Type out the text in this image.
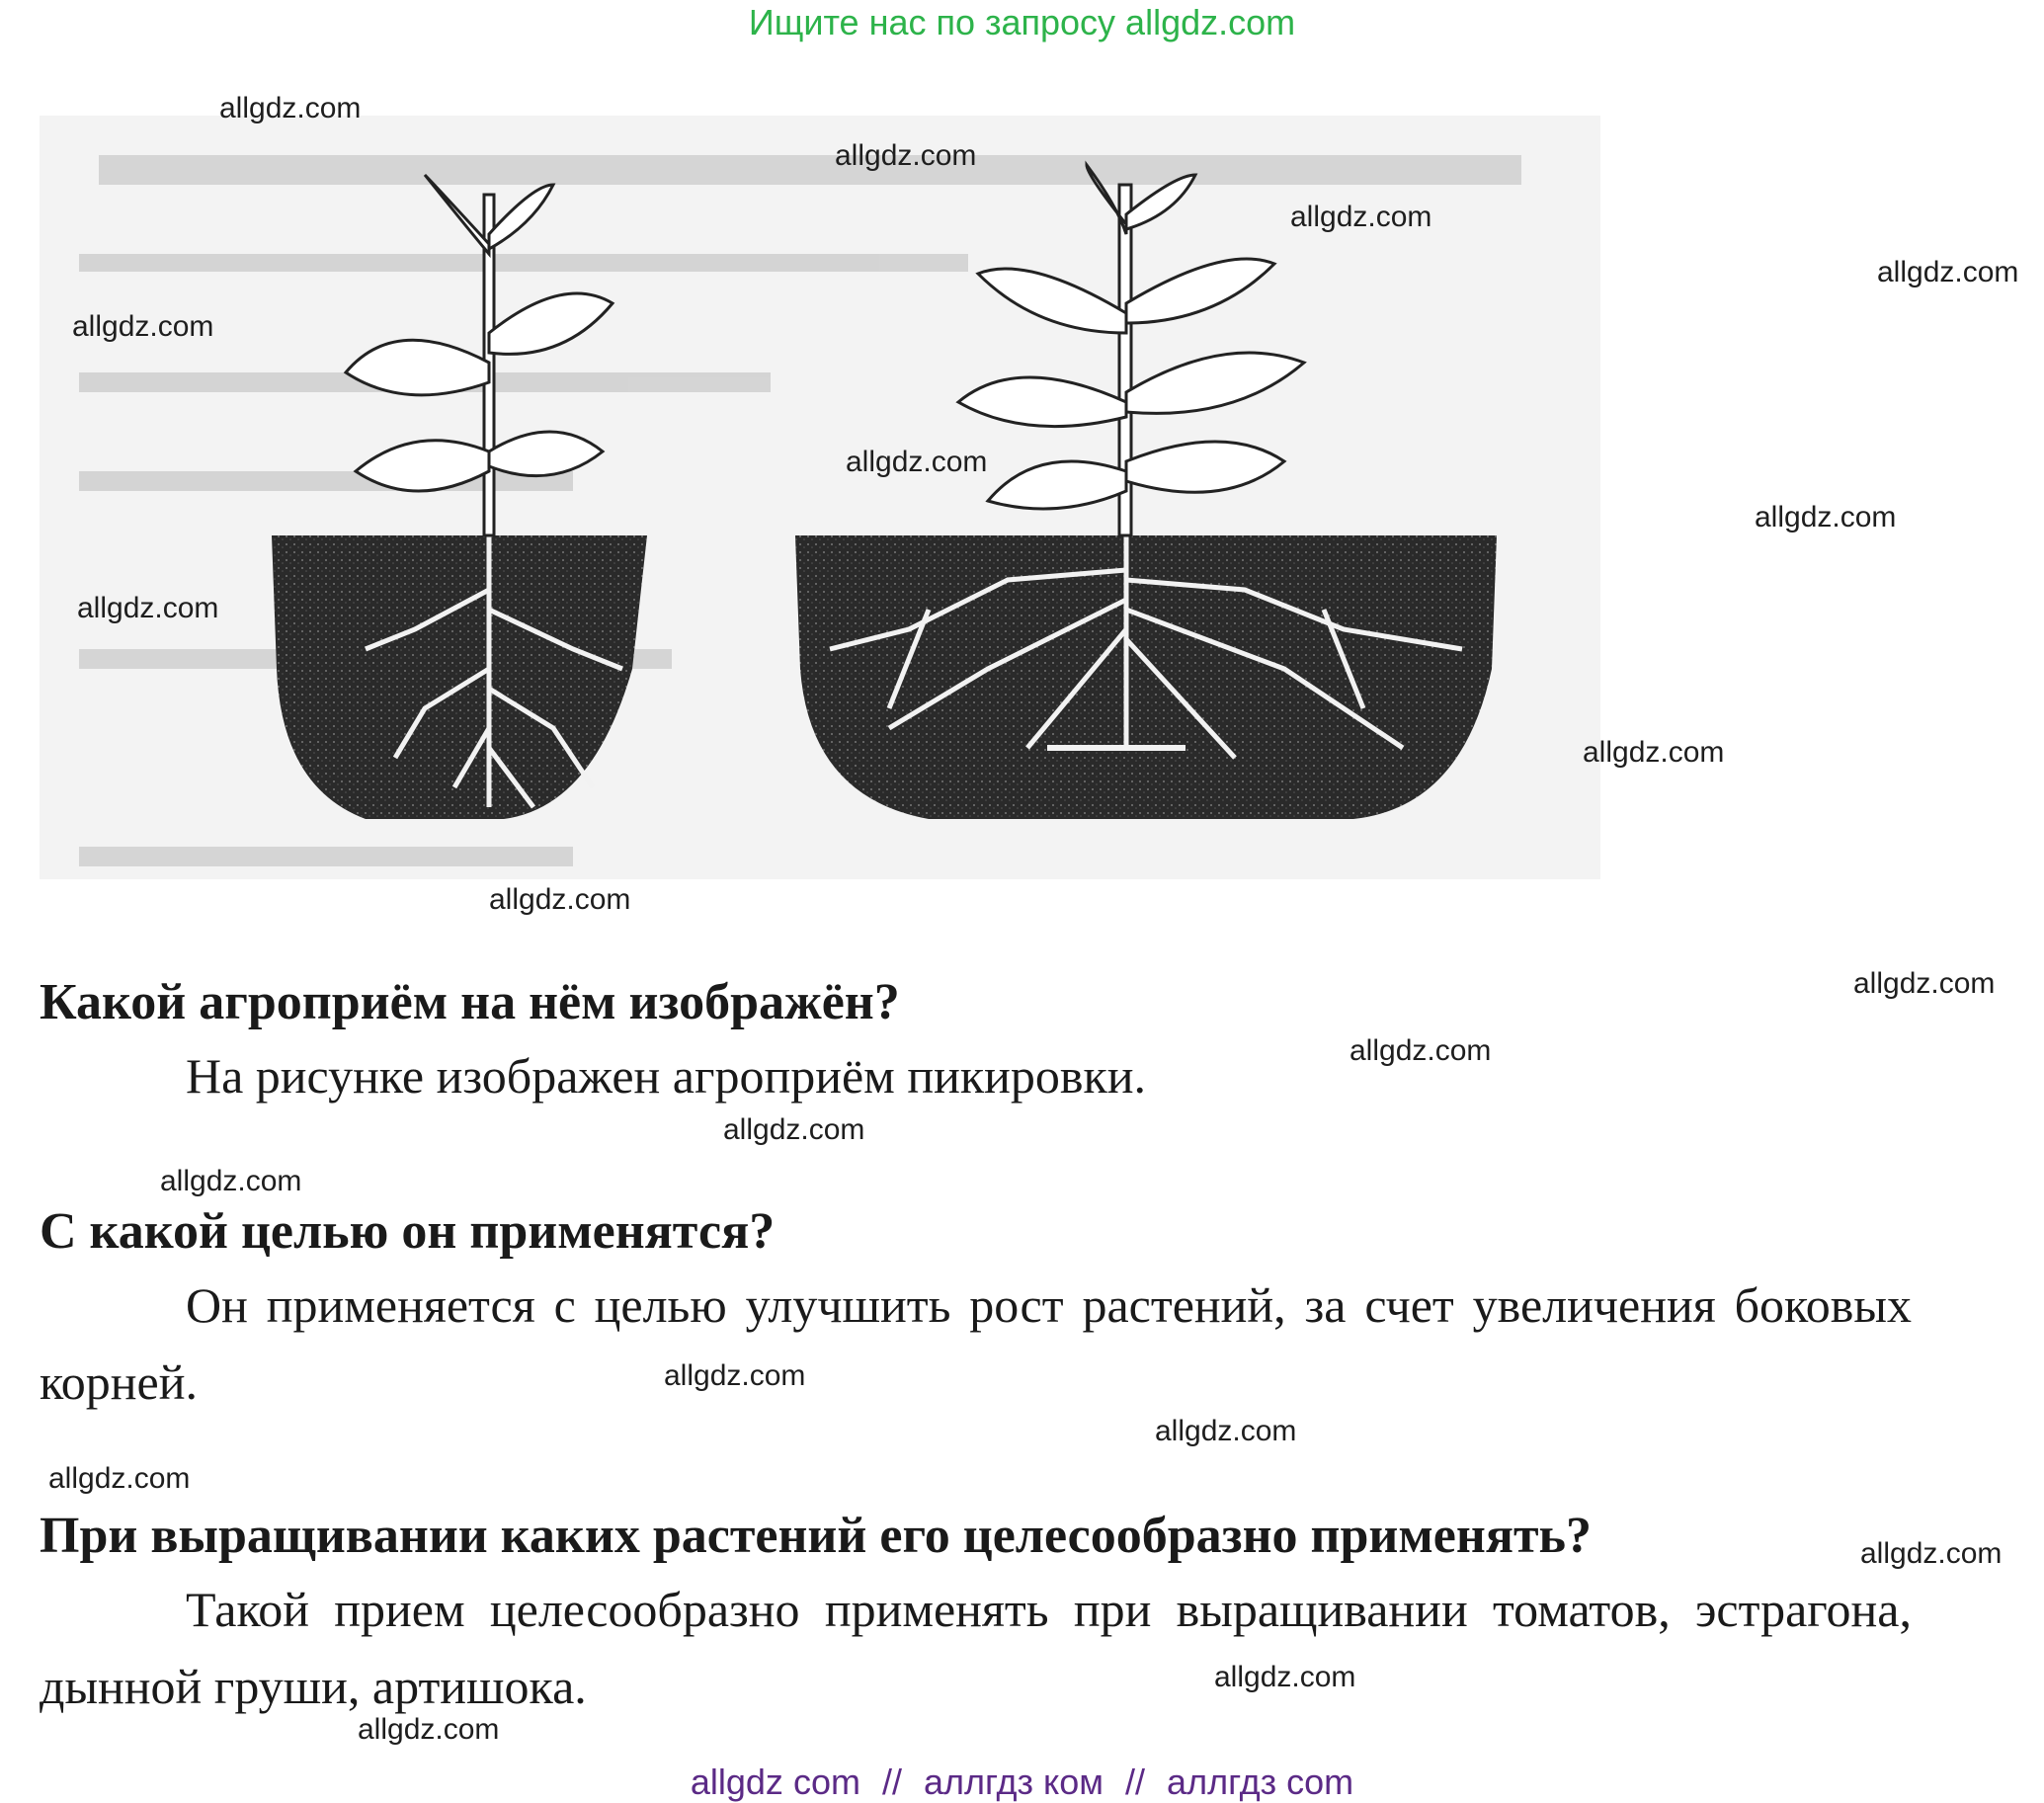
Ищите нас по запросу allgdz.com
Какой агроприём на нём изображён?
На рисунке изображен агроприём пикировки.
С какой целью он применятся?
Он применяется с целью улучшить рост растений, за счет увеличения боковых корней.
При выращивании каких растений его целесообразно применять?
Такой прием целесообразно применять при выращивании томатов, эстрагона, дынной груши, артишока.
allgdz.com
allgdz.com
allgdz.com
allgdz.com
allgdz.com
allgdz.com
allgdz.com
allgdz.com
allgdz.com
allgdz.com
allgdz.com
allgdz.com
allgdz.com
allgdz.com
allgdz.com
allgdz.com
allgdz.com
allgdz.com
allgdz.com
allgdz.com
allgdz com // аллгдз ком // аллгдз com
